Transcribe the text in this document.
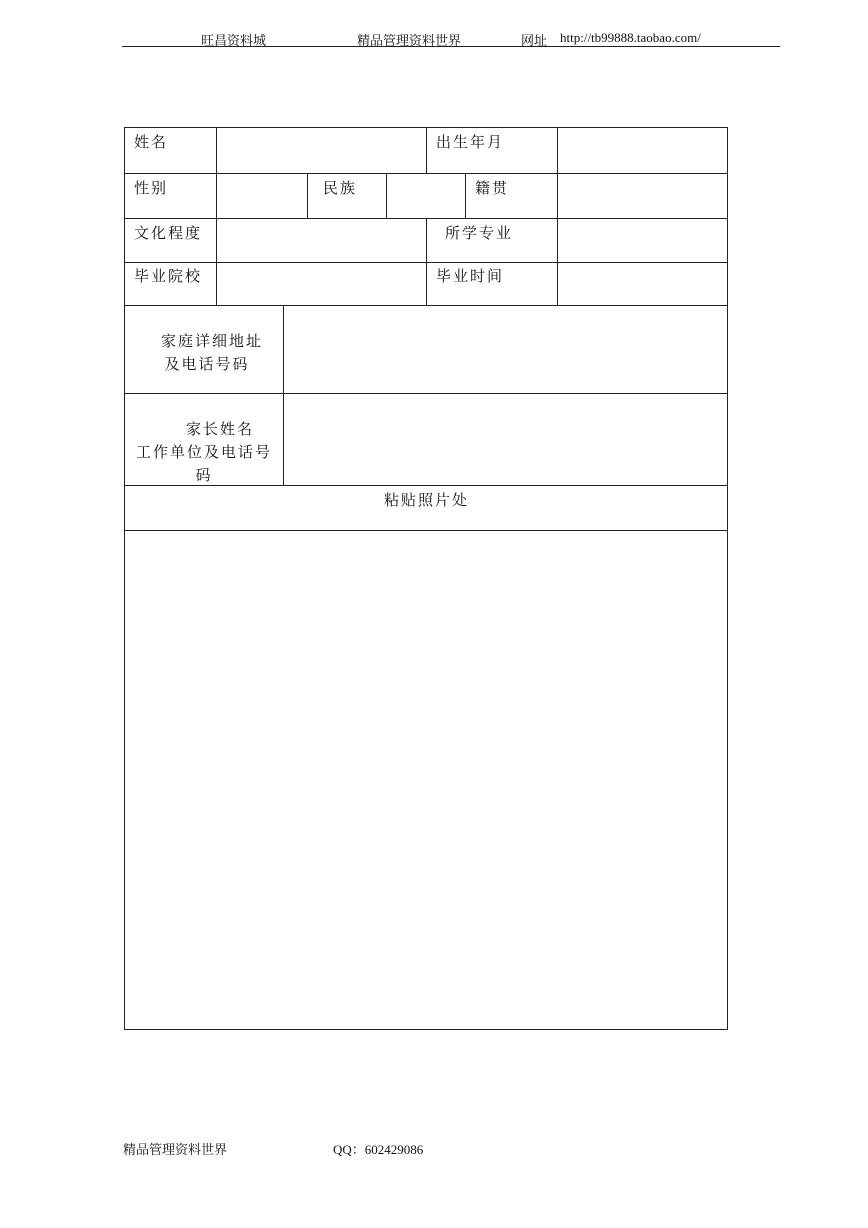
旺昌资料城	精品管理资料世界	网址 http://tb99888.taobao.com/
姓名	出生年月
性别	民族	籍贯
文化程度	所学专业
毕业院校	毕业时间
家庭详细地址
及电话号码
家长姓名
工作单位及电话号
码
粘贴照片处
精品管理资料世界	QQ：602429086
